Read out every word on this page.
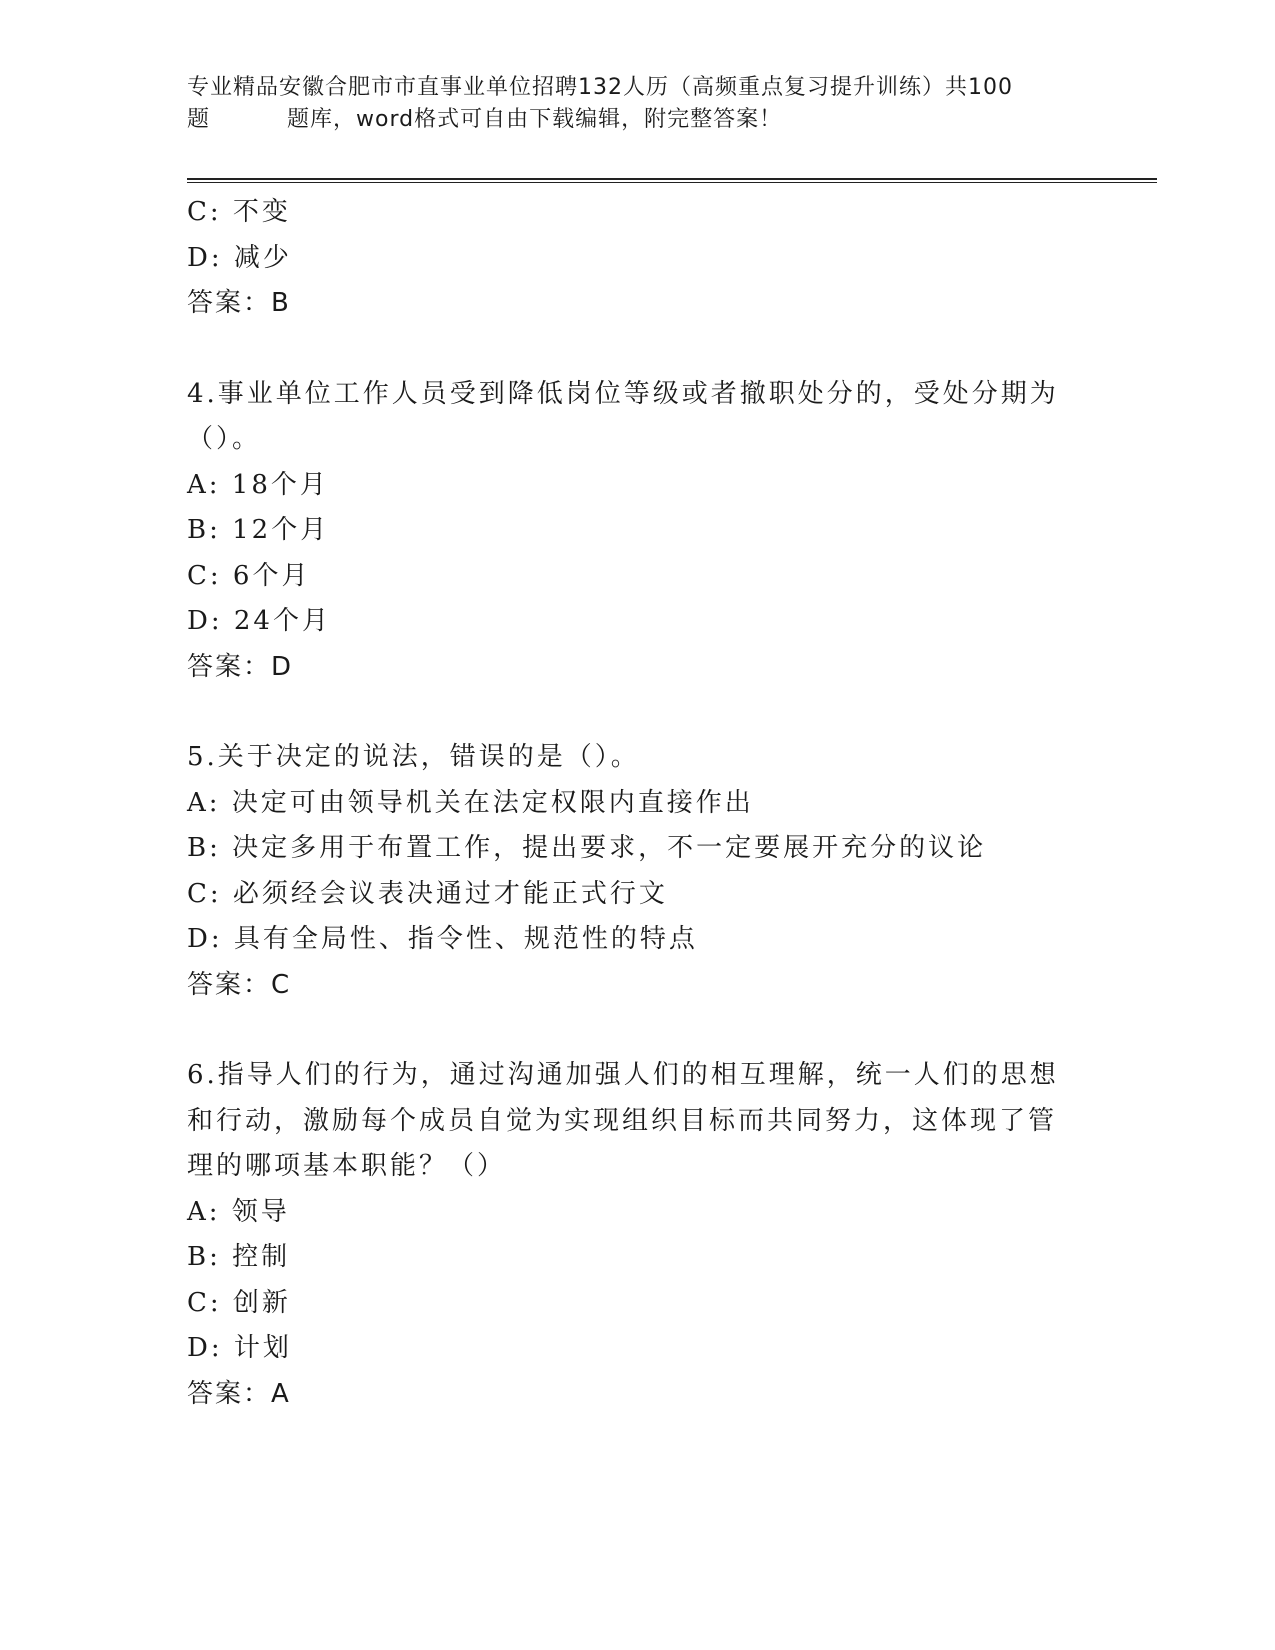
专业精品安徽合肥市市直事业单位招聘132人历（高频重点复习提升训练）共100
题	题库，word格式可自由下载编辑，附完整答案！
C: 不变
D: 减少
答案：B
4.事业单位工作人员受到降低岗位等级或者撤职处分的，受处分期为
（）。
A: 18个月
B: 12个月
C: 6个月
D: 24个月
答案：D
5.关于决定的说法，错误的是（）。
A: 决定可由领导机关在法定权限内直接作出
B: 决定多用于布置工作，提出要求，不一定要展开充分的议论
C: 必须经会议表决通过才能正式行文
D: 具有全局性、指令性、规范性的特点
答案：C
6.指导人们的行为，通过沟通加强人们的相互理解，统一人们的思想
和行动，激励每个成员自觉为实现组织目标而共同努力，这体现了管
理的哪项基本职能？（）
A: 领导
B: 控制
C: 创新
D: 计划
答案：A
